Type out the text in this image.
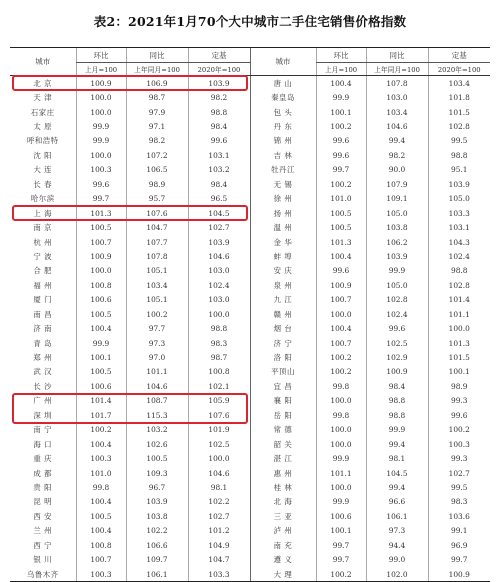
表2：2021年1月70个大中城市二手住宅销售价格指数
城市	环比	同比	定基	城市	环比	同比	定基
	上月=100	上年同月=100	2020年=100		上月=100	上年同月=100	2020年=100
北 京	100.9	106.9	103.9	唐 山	100.4	107.8	103.4
天 津	100.0	98.7	98.2	秦皇岛	99.9	103.0	101.8
石家庄	100.0	97.9	98.8	包 头	100.1	103.4	101.5
太 原	99.9	97.1	98.4	丹 东	100.2	104.6	102.8
呼和浩特	99.9	98.2	99.6	锦 州	99.6	99.4	99.5
沈 阳	100.0	107.2	103.1	吉 林	99.6	98.2	98.8
大 连	100.3	106.5	103.2	牡丹江	99.7	90.0	95.1
长 春	99.6	98.9	98.4	无 锡	100.2	107.9	103.9
哈尔滨	99.7	95.7	96.5	徐 州	101.0	109.1	105.0
上 海	101.3	107.6	104.5	扬 州	100.5	105.0	103.3
南 京	100.5	104.7	102.7	温 州	100.5	103.8	103.1
杭 州	100.7	107.7	103.9	金 华	101.3	106.2	104.3
宁 波	100.9	107.8	104.6	蚌 埠	100.4	103.9	102.4
合 肥	100.0	105.1	103.0	安 庆	99.6	99.9	98.8
福 州	100.8	103.4	102.4	泉 州	100.9	105.0	102.8
厦 门	100.6	105.1	103.0	九 江	100.7	102.8	101.4
南 昌	100.5	100.2	100.0	赣 州	100.0	102.4	101.1
济 南	100.4	97.7	98.8	烟 台	100.4	99.6	100.0
青 岛	99.9	97.3	98.3	济 宁	100.7	102.5	101.3
郑 州	100.1	97.0	98.7	洛 阳	100.2	102.9	101.5
武 汉	100.5	101.1	100.8	平顶山	100.2	100.9	100.1
长 沙	100.6	104.6	102.1	宜 昌	99.8	98.4	98.9
广 州	101.4	108.7	105.9	襄 阳	100.0	98.8	99.3
深 圳	101.7	115.3	107.6	岳 阳	99.8	98.8	99.6
南 宁	100.2	103.2	101.9	常 德	100.0	99.9	100.2
海 口	100.4	102.6	102.5	韶 关	100.0	99.4	100.3
重 庆	100.3	100.5	100.0	湛 江	99.9	98.1	99.3
成 都	101.0	109.3	104.6	惠 州	101.1	104.5	102.7
贵 阳	99.8	96.7	98.1	桂 林	100.0	99.4	99.5
昆 明	100.4	103.9	102.2	北 海	99.9	96.6	98.3
西 安	100.5	103.8	102.7	三 亚	100.6	106.1	103.6
兰 州	100.4	102.2	101.2	泸 州	100.1	97.3	99.1
西 宁	100.8	106.6	104.9	南 充	99.7	94.4	96.9
银 川	100.7	109.7	104.7	遵 义	99.7	99.0	99.7
乌鲁木齐	100.3	106.1	103.3	大 理	100.2	102.0	100.9
